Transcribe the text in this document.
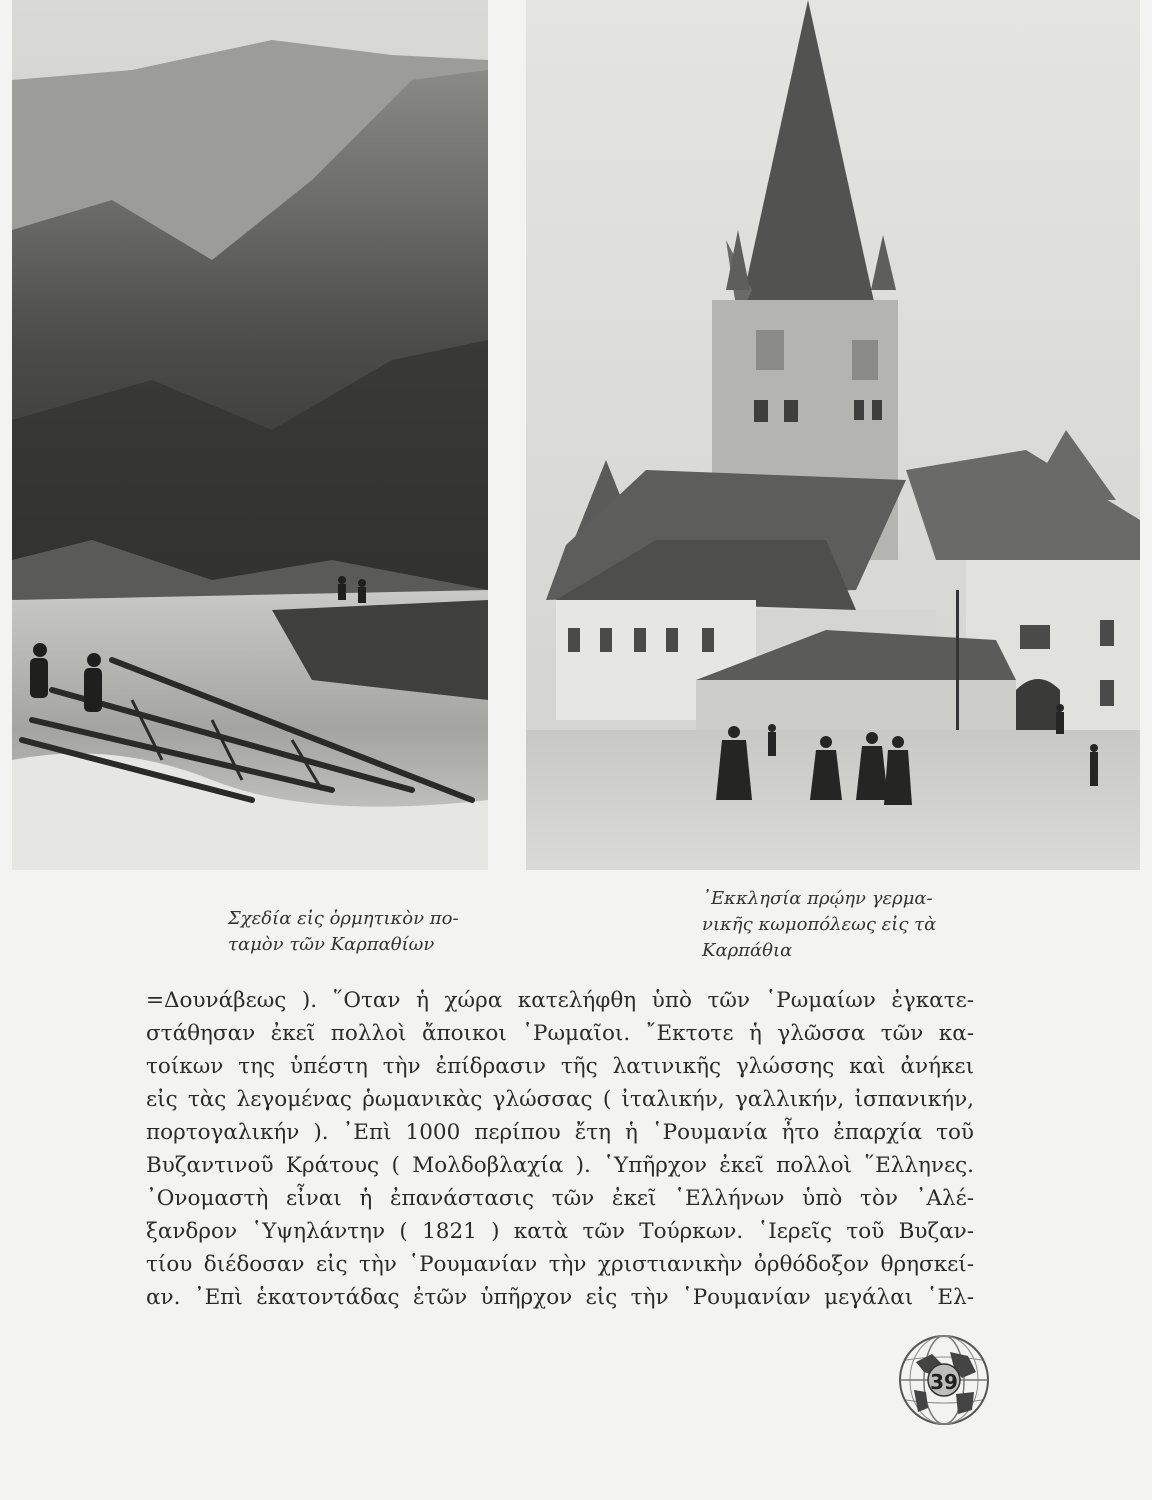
Σχεδία εἰς ὁρμητικὸν πο-
ταμὸν τῶν Καρπαθίων
᾿Εκκλησία πρῴην γερμα-
νικῆς κωμοπόλεως εἰς τὰ
Καρπάθια
=Δουνάβεως ). ῞Οταν ἡ χώρα κατελήφθη ὑπὸ τῶν ῾Ρωμαίων ἐγκατε-
στάθησαν ἐκεῖ πολλοὶ ἄποικοι ῾Ρωμαῖοι. ῎Εκτοτε ἡ γλῶσσα τῶν κα-
τοίκων της ὑπέστη τὴν ἐπίδρασιν τῆς λατινικῆς γλώσσης καὶ ἀνήκει
εἰς τὰς λεγομένας ῥωμανικὰς γλώσσας ( ἰταλικήν, γαλλικήν, ἰσπανικήν,
πορτογαλικήν ). ᾿Επὶ 1000 περίπου ἔτη ἡ ῾Ρουμανία ἦτο ἐπαρχία τοῦ
Βυζαντινοῦ Κράτους ( Μολδοβλαχία ). ῾Υπῆρχον ἐκεῖ πολλοὶ ῞Ελληνες.
᾿Ονομαστὴ εἶναι ἡ ἐπανάστασις τῶν ἐκεῖ ῾Ελλήνων ὑπὸ τὸν ᾿Αλέ-
ξανδρον ῾Υψηλάντην ( 1821 ) κατὰ τῶν Τούρκων. ῾Ιερεῖς τοῦ Βυζαν-
τίου διέδοσαν εἰς τὴν ῾Ρουμανίαν τὴν χριστιανικὴν ὀρθόδοξον θρησκεί-
αν. ᾿Επὶ ἑκατοντάδας ἐτῶν ὑπῆρχον εἰς τὴν ῾Ρουμανίαν μεγάλαι ῾Ελ-
39
